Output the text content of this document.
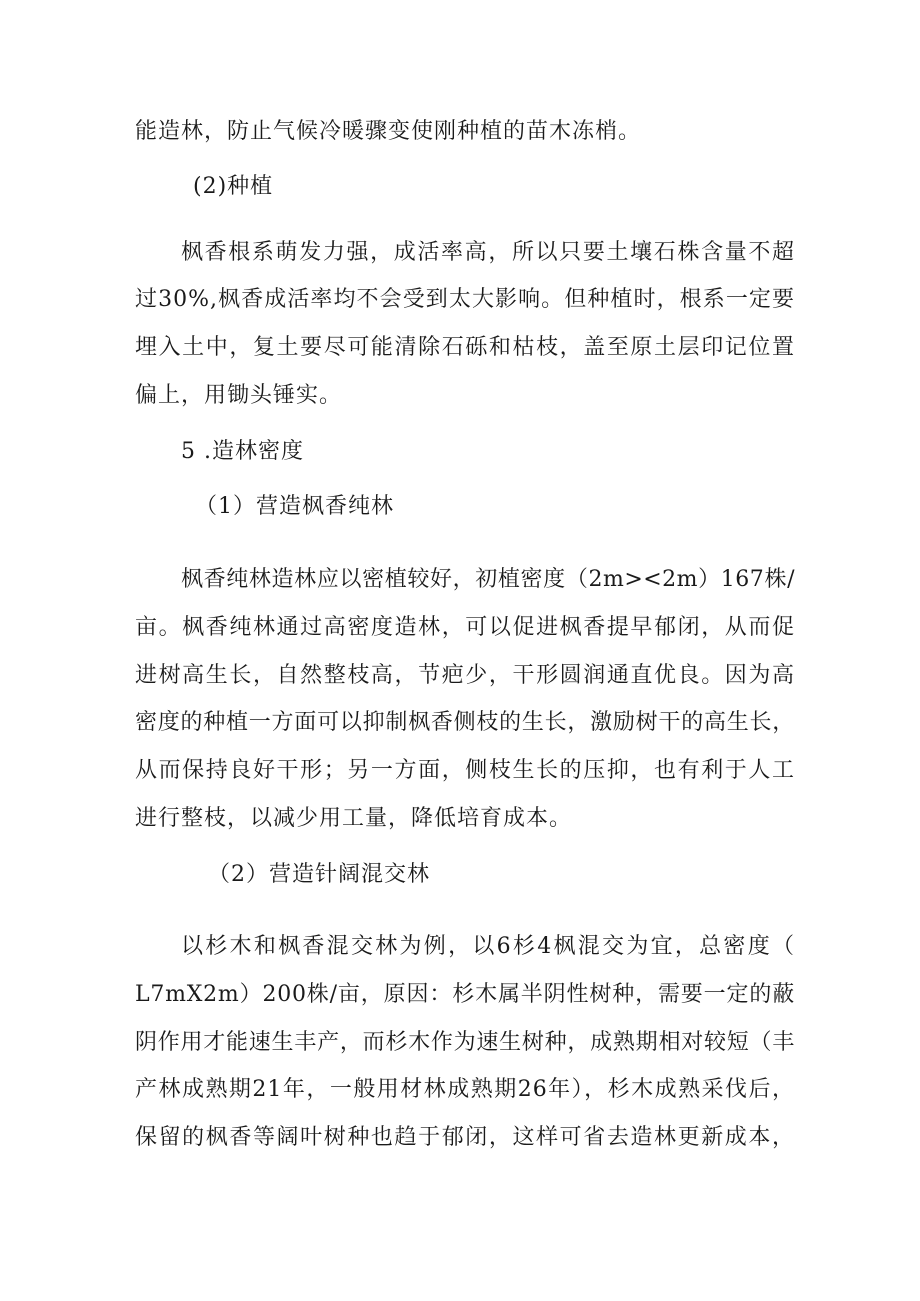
能造林，防止气候冷暖骤变使刚种植的苗木冻梢。
(2)种植
枫香根系萌发力强，成活率高，所以只要土壤石株含量不超
过30%,枫香成活率均不会受到太大影响。但种植时，根系一定要
埋入土中，复土要尽可能清除石砾和枯枝，盖至原土层印记位置
偏上，用锄头锤实。
5 .造林密度
（1）营造枫香纯林
枫香纯林造林应以密植较好，初植密度（2m><2m）167株/
亩。枫香纯林通过高密度造林，可以促进枫香提早郁闭，从而促
进树高生长，自然整枝高，节疤少，干形圆润通直优良。因为高
密度的种植一方面可以抑制枫香侧枝的生长，激励树干的高生长，
从而保持良好干形；另一方面，侧枝生长的压抑，也有利于人工
进行整枝，以减少用工量，降低培育成本。
（2）营造针阔混交林
以杉木和枫香混交林为例，以6杉4枫混交为宜，总密度（
L7mX2m）200株/亩，原因：杉木属半阴性树种，需要一定的蔽
阴作用才能速生丰产，而杉木作为速生树种，成熟期相对较短（丰
产林成熟期21年，一般用材林成熟期26年），杉木成熟采伐后，
保留的枫香等阔叶树种也趋于郁闭，这样可省去造林更新成本，
